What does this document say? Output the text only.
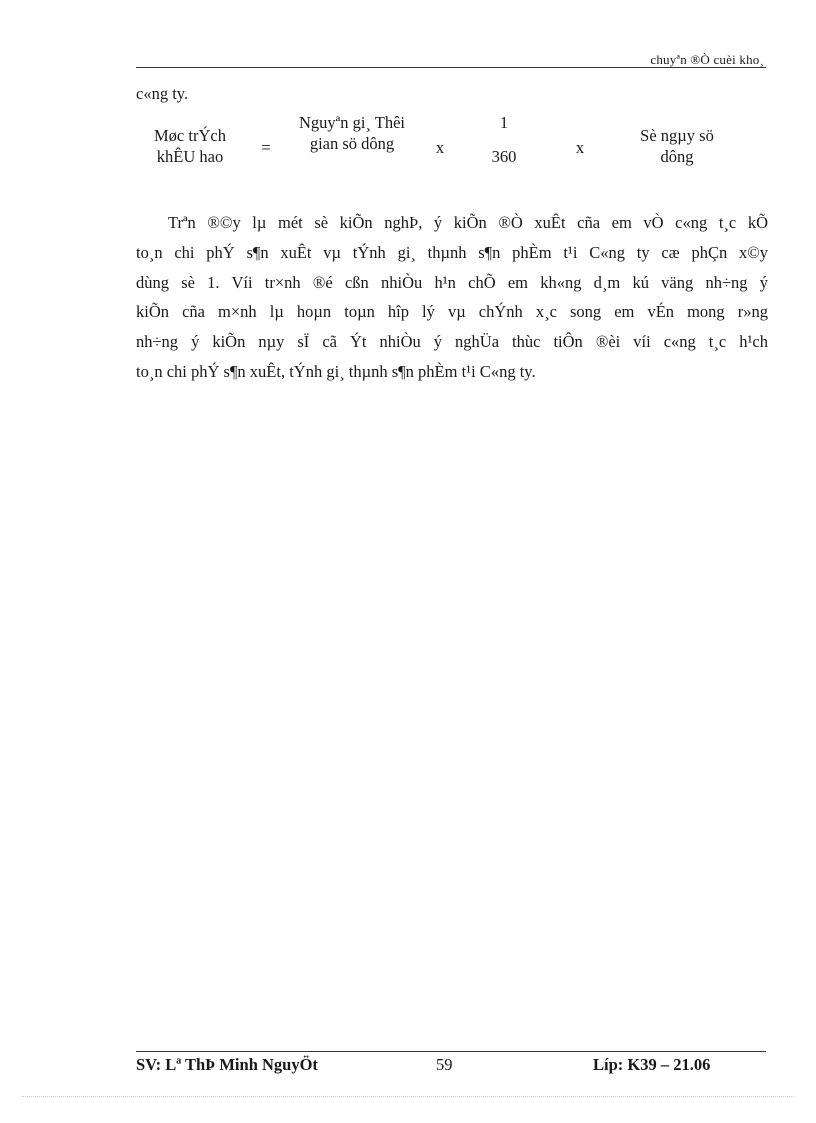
chuyªn ®Ò cuèi kho¸
c«ng ty.
Møc trÝch khÊU hao	=
Nguyªn gi¸ Thêi gian sö dông	x
1
360	x
Sè ngµy sö dông
Trªn ®©y lµ mét sè kiÕn nghÞ, ý kiÕn ®Ò xuÊt cña em vÒ c«ng t¸c kÕ
to¸n chi phÝ s¶n xuÊt vµ tÝnh gi¸ thµnh s¶n phÈm t¹i C«ng ty cæ phÇn x©y
dùng sè 1. Víi tr×nh ®é cßn nhiÒu h¹n chÕ em kh«ng d¸m kú väng nh÷ng ý
kiÕn cña m×nh lµ hoµn toµn hîp lý vµ chÝnh x¸c song em vÉn mong r»ng
nh÷ng ý kiÕn nµy sÏ cã Ýt nhiÒu ý nghÜa thùc tiÔn ®èi víi c«ng t¸c h¹ch
to¸n chi phÝ s¶n xuÊt, tÝnh gi¸ thµnh s¶n phÈm t¹i C«ng ty.
SV: Lª ThÞ Minh NguyÖt	59	Líp: K39 – 21.06
